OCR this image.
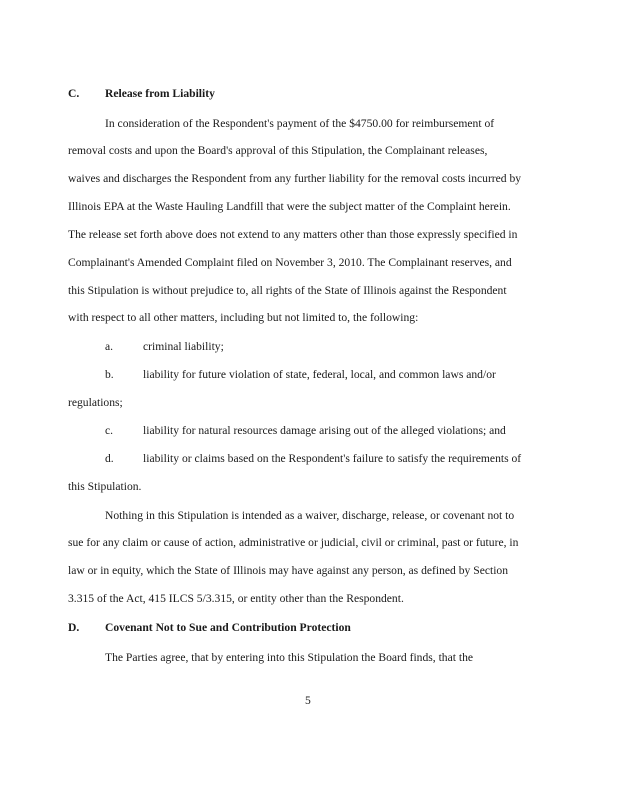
C. Release from Liability
In consideration of the Respondent's payment of the $4750.00 for reimbursement of
removal costs and upon the Board's approval of this Stipulation, the Complainant releases,
waives and discharges the Respondent from any further liability for the removal costs incurred by
Illinois EPA at the Waste Hauling Landfill that were the subject matter of the Complaint herein.
The release set forth above does not extend to any matters other than those expressly specified in
Complainant's Amended Complaint filed on November 3, 2010. The Complainant reserves, and
this Stipulation is without prejudice to, all rights of the State of Illinois against the Respondent
with respect to all other matters, including but not limited to, the following:
a.	criminal liability;
b.	liability for future violation of state, federal, local, and common laws and/or
regulations;
c.	liability for natural resources damage arising out of the alleged violations; and
d.	liability or claims based on the Respondent's failure to satisfy the requirements of
this Stipulation.
Nothing in this Stipulation is intended as a waiver, discharge, release, or covenant not to
sue for any claim or cause of action, administrative or judicial, civil or criminal, past or future, in
law or in equity, which the State of Illinois may have against any person, as defined by Section
3.315 of the Act, 415 ILCS 5/3.315, or entity other than the Respondent.
D. Covenant Not to Sue and Contribution Protection
The Parties agree, that by entering into this Stipulation the Board finds, that the
5
